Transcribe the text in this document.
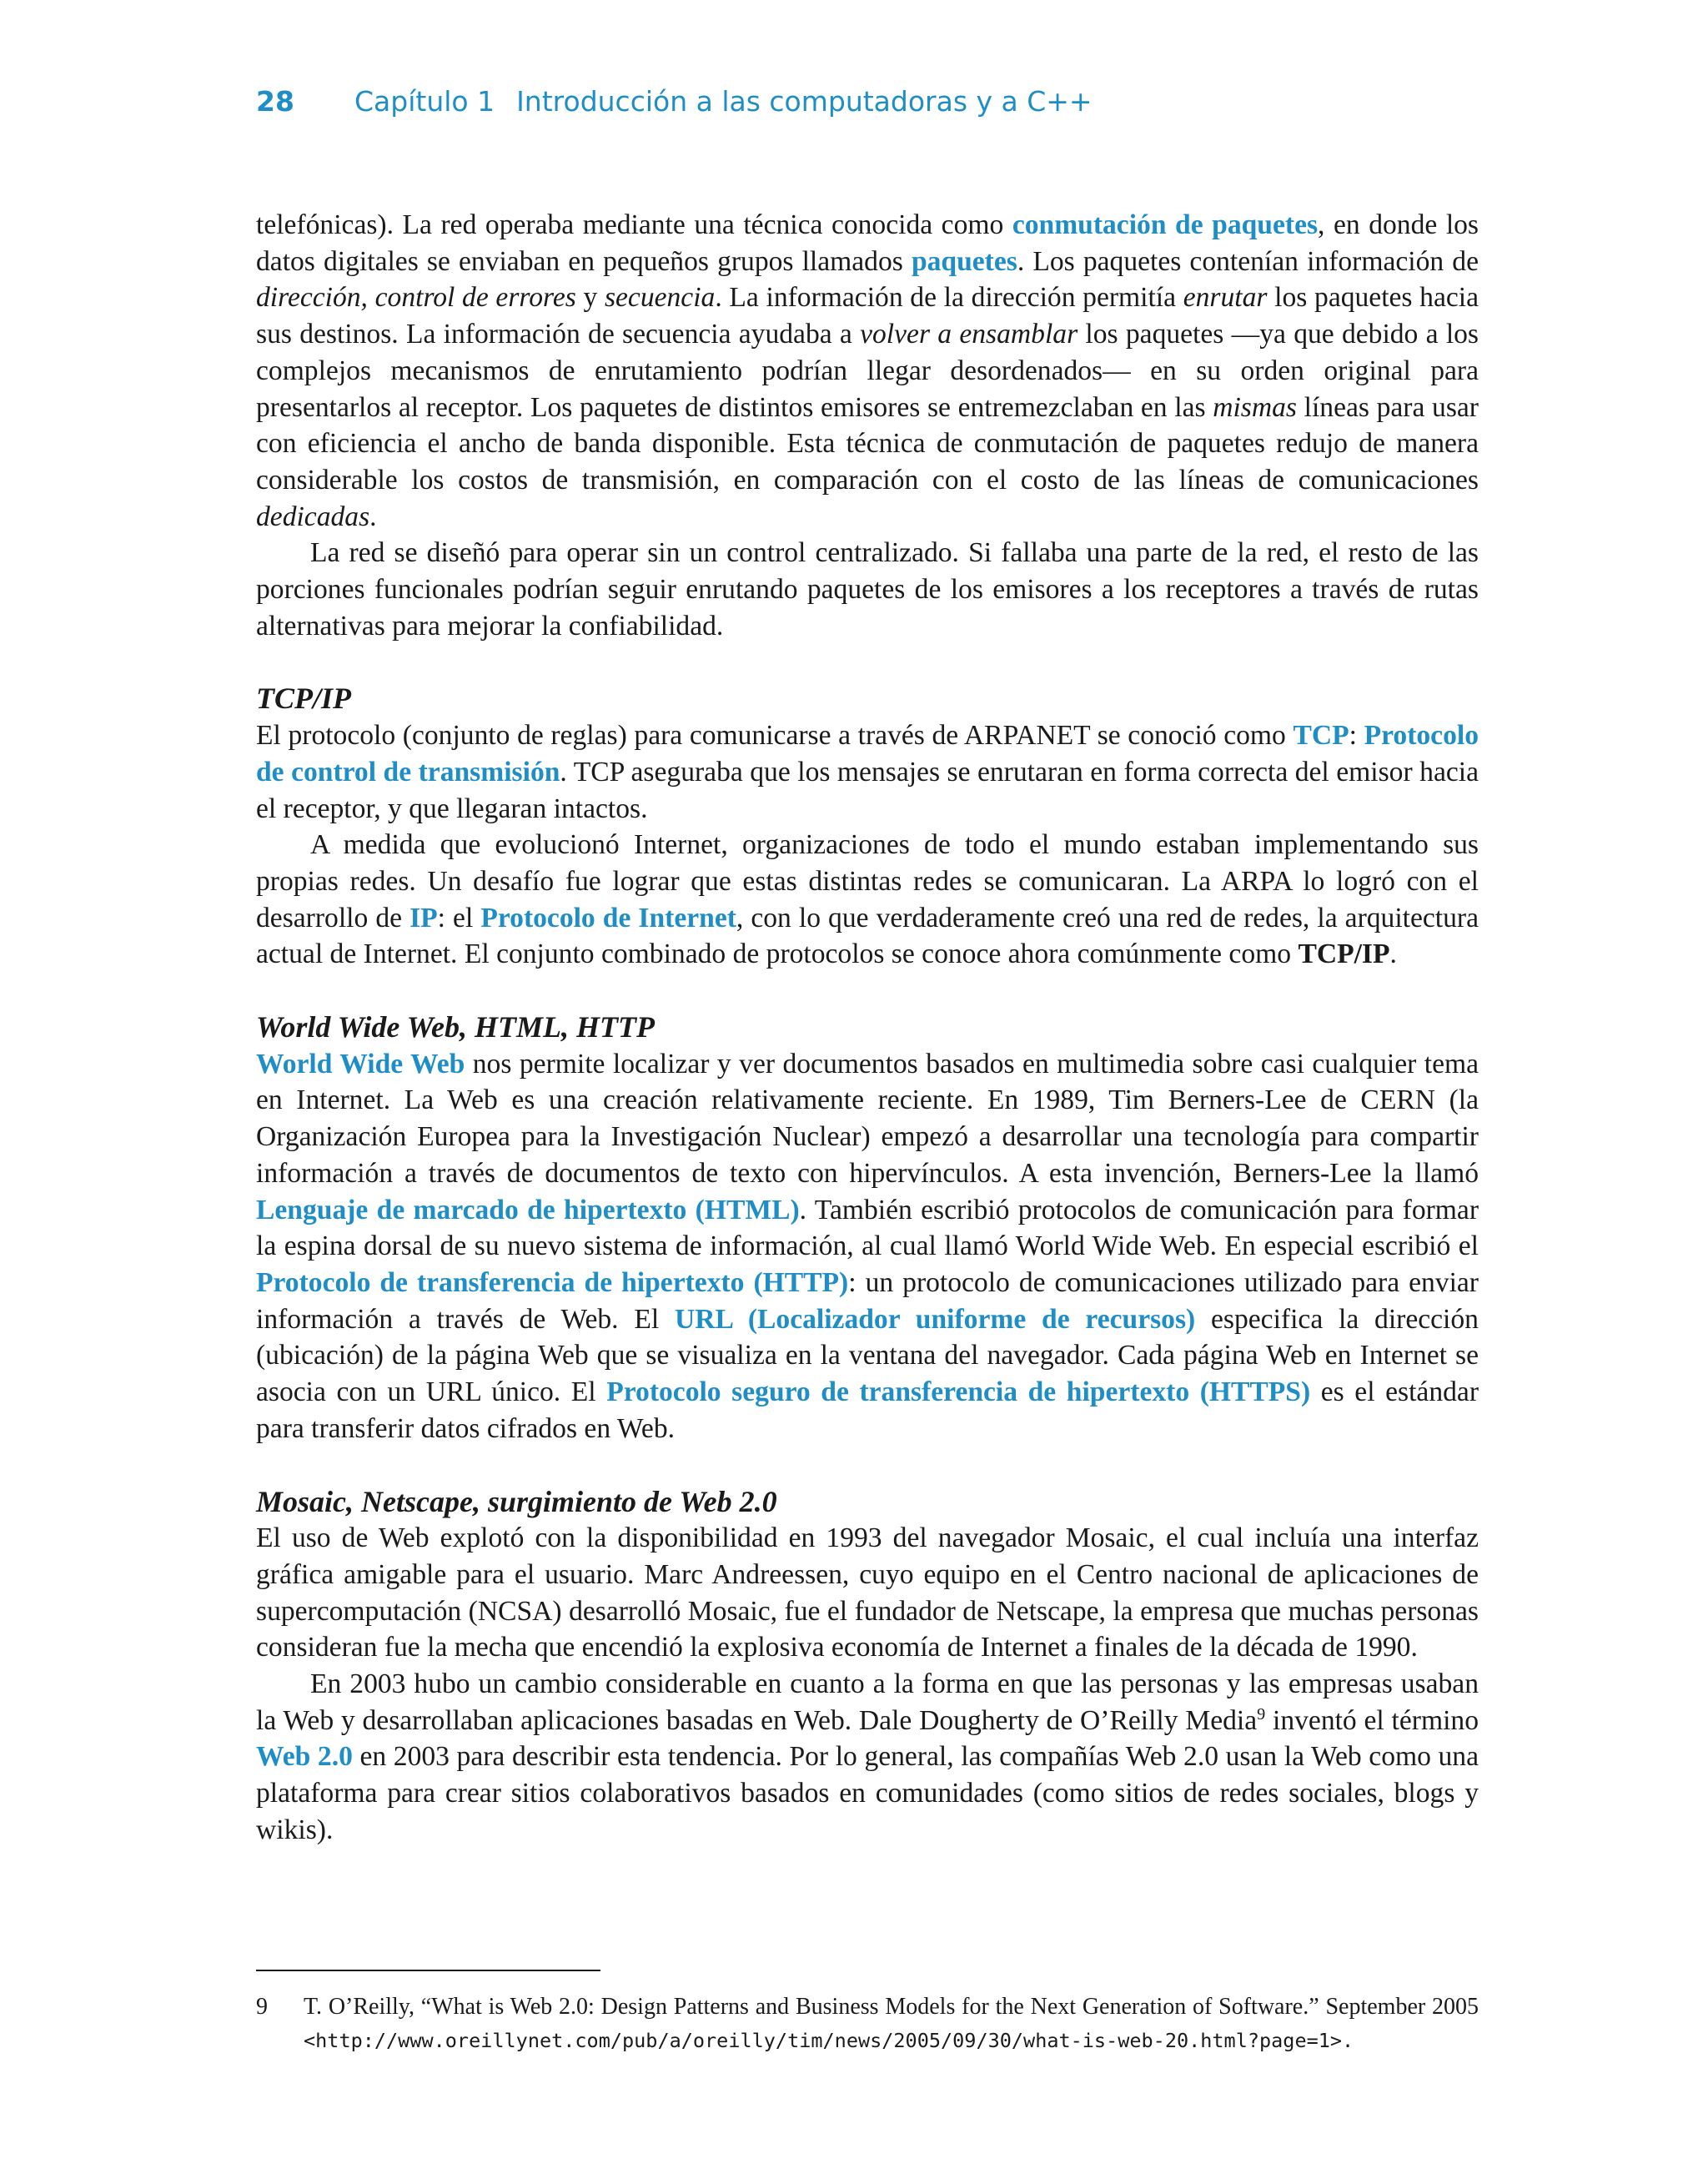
28	Capítulo 1 Introducción a las computadoras y a C++

telefónicas). La red operaba mediante una técnica conocida como conmutación de paquetes, en donde los datos digitales se enviaban en pequeños grupos llamados paquetes. Los paquetes contenían información de dirección, control de errores y secuencia. La información de la dirección permitía enrutar los paquetes hacia sus destinos. La información de secuencia ayudaba a volver a ensamblar los paquetes —ya que debido a los complejos mecanismos de enrutamiento podrían llegar desordenados— en su orden original para presentarlos al receptor. Los paquetes de distintos emisores se entremezclaban en las mismas líneas para usar con eficiencia el ancho de banda disponible. Esta técnica de conmutación de paquetes redujo de manera considerable los costos de transmisión, en comparación con el costo de las líneas de comunicaciones dedicadas.

La red se diseñó para operar sin un control centralizado. Si fallaba una parte de la red, el resto de las porciones funcionales podrían seguir enrutando paquetes de los emisores a los receptores a través de rutas alternativas para mejorar la confiabilidad.

TCP/IP

El protocolo (conjunto de reglas) para comunicarse a través de ARPANET se conoció como TCP: Protocolo de control de transmisión. TCP aseguraba que los mensajes se enrutaran en forma correcta del emisor hacia el receptor, y que llegaran intactos.

A medida que evolucionó Internet, organizaciones de todo el mundo estaban implementando sus propias redes. Un desafío fue lograr que estas distintas redes se comunicaran. La ARPA lo logró con el desarrollo de IP: el Protocolo de Internet, con lo que verdaderamente creó una red de redes, la arquitectura actual de Internet. El conjunto combinado de protocolos se conoce ahora comúnmente como TCP/IP.

World Wide Web, HTML, HTTP

World Wide Web nos permite localizar y ver documentos basados en multimedia sobre casi cualquier tema en Internet. La Web es una creación relativamente reciente. En 1989, Tim Berners-Lee de CERN (la Organización Europea para la Investigación Nuclear) empezó a desarrollar una tecnología para compartir información a través de documentos de texto con hipervínculos. A esta invención, Berners-Lee la llamó Lenguaje de marcado de hipertexto (HTML). También escribió protocolos de comunicación para formar la espina dorsal de su nuevo sistema de información, al cual llamó World Wide Web. En especial escribió el Protocolo de transferencia de hipertexto (HTTP): un protocolo de comunicaciones utilizado para enviar información a través de Web. El URL (Localizador uniforme de recursos) especifica la dirección (ubicación) de la página Web que se visualiza en la ventana del navegador. Cada página Web en Internet se asocia con un URL único. El Protocolo seguro de transferencia de hipertexto (HTTPS) es el estándar para transferir datos cifrados en Web.

Mosaic, Netscape, surgimiento de Web 2.0

El uso de Web explotó con la disponibilidad en 1993 del navegador Mosaic, el cual incluía una interfaz gráfica amigable para el usuario. Marc Andreessen, cuyo equipo en el Centro nacional de aplicaciones de supercomputación (NCSA) desarrolló Mosaic, fue el fundador de Netscape, la empresa que muchas personas consideran fue la mecha que encendió la explosiva economía de Internet a finales de la década de 1990.

En 2003 hubo un cambio considerable en cuanto a la forma en que las personas y las empresas usaban la Web y desarrollaban aplicaciones basadas en Web. Dale Dougherty de O’Reilly Media$^9$ inventó el término Web 2.0 en 2003 para describir esta tendencia. Por lo general, las compañías Web 2.0 usan la Web como una plataforma para crear sitios colaborativos basados en comunidades (como sitios de redes sociales, blogs y wikis).

9 T. O’Reilly, “What is Web 2.0: Design Patterns and Business Models for the Next Generation of Software.” September 2005 <http://www.oreillynet.com/pub/a/oreilly/tim/news/2005/09/30/what-is-web-20.html?page=1>.
